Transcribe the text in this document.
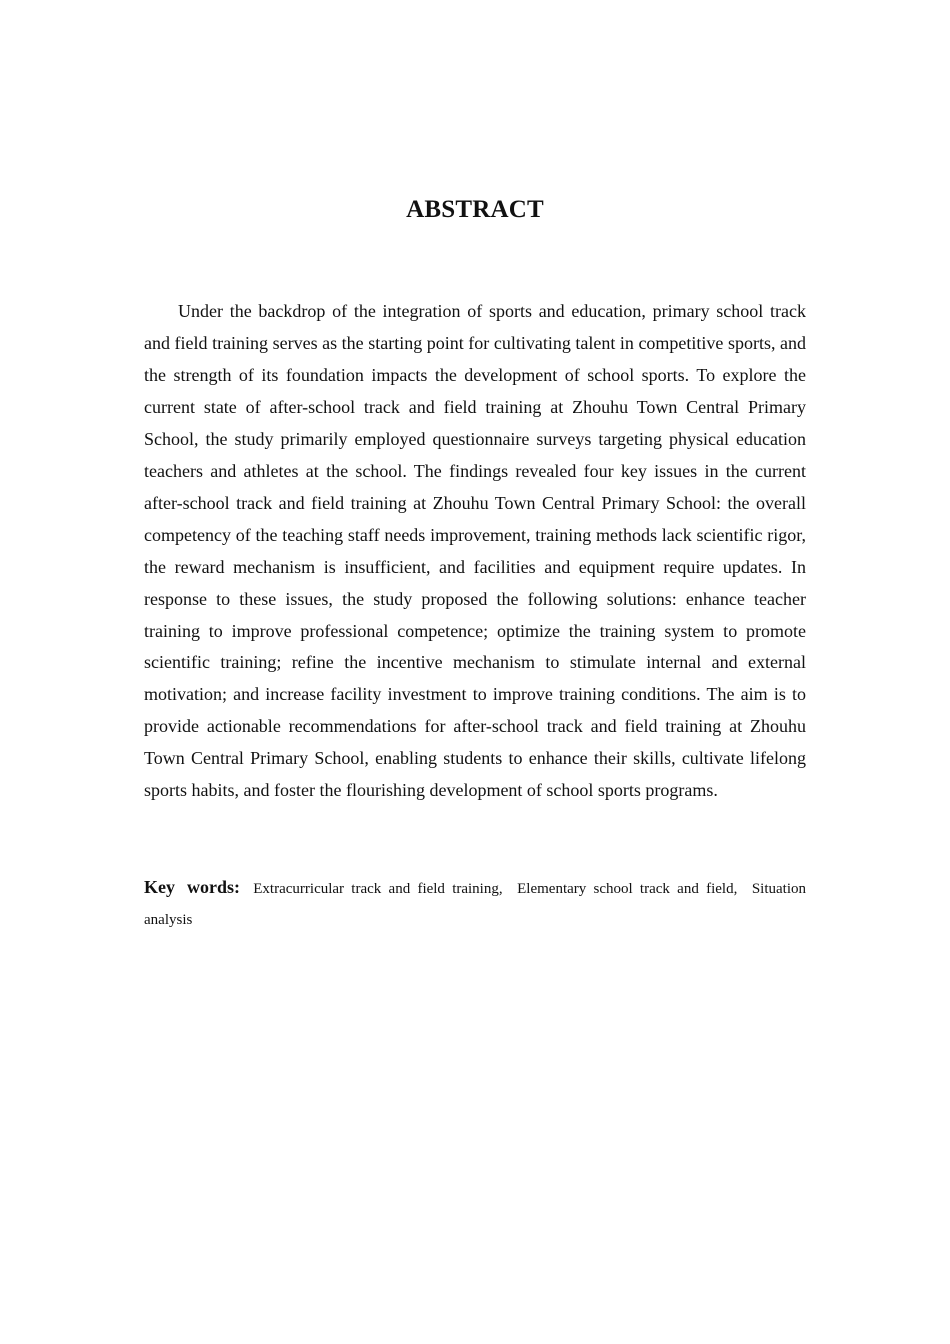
ABSTRACT

Under the backdrop of the integration of sports and education, primary school track and field training serves as the starting point for cultivating talent in competitive sports, and the strength of its foundation impacts the development of school sports. To explore the current state of after-school track and field training at Zhouhu Town Central Primary School, the study primarily employed questionnaire surveys targeting physical education teachers and athletes at the school. The findings revealed four key issues in the current after-school track and field training at Zhouhu Town Central Primary School: the overall competency of the teaching staff needs improvement, training methods lack scientific rigor, the reward mechanism is insufficient, and facilities and equipment require updates. In response to these issues, the study proposed the following solutions: enhance teacher training to improve professional competence; optimize the training system to promote scientific training; refine the incentive mechanism to stimulate internal and external motivation; and increase facility investment to improve training conditions. The aim is to provide actionable recommendations for after-school track and field training at Zhouhu Town Central Primary School, enabling students to enhance their skills, cultivate lifelong sports habits, and foster the flourishing development of school sports programs.

Key words: Extracurricular track and field training, Elementary school track and field, Situation analysis
